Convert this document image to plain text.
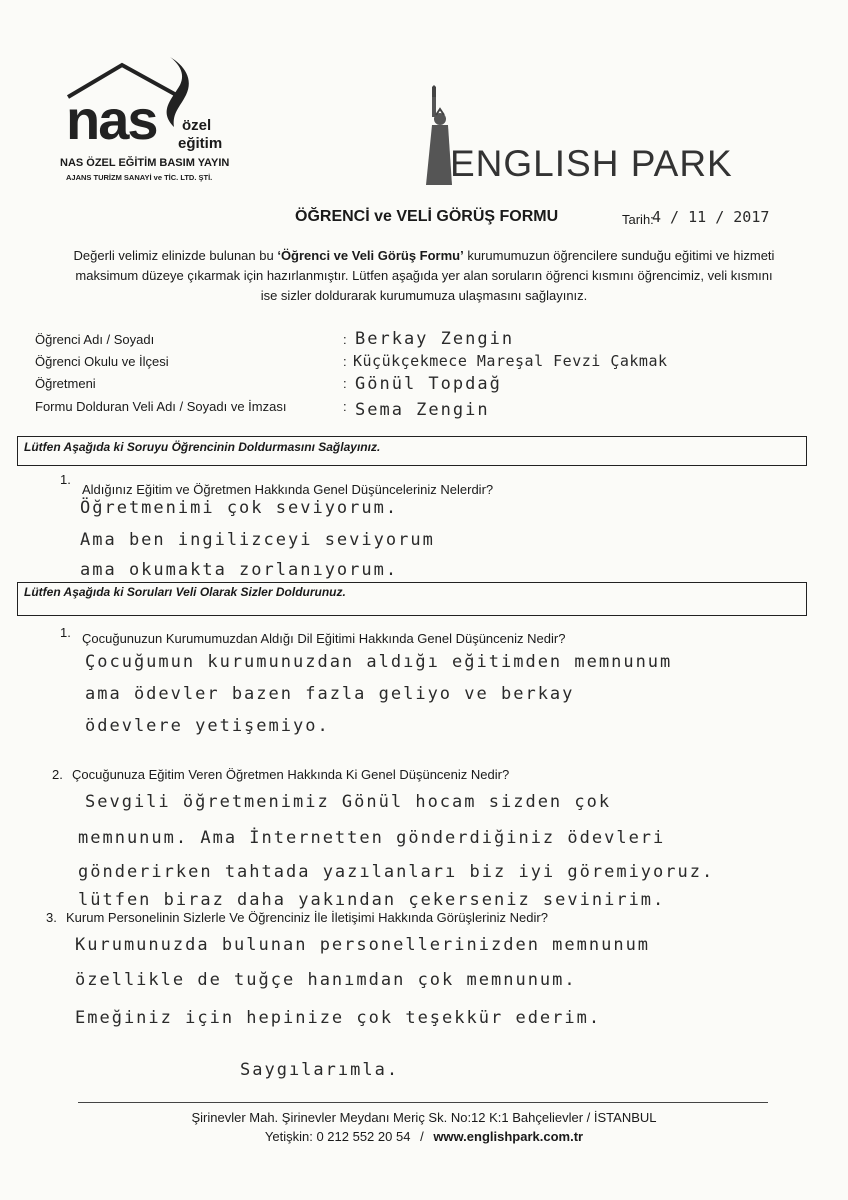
nas özel
eğitim
NAS ÖZEL EĞİTİM BASIM YAYIN
AJANS TURİZM SANAYİ ve TİC. LTD. ŞTİ.	ENGLISH PARK
ÖĞRENCİ ve VELİ GÖRÜŞ FORMU	Tarih:
4 / 11 / 2017
Değerli velimiz elinizde bulunan bu ‘Öğrenci ve Veli Görüş Formu’ kurumumuzun öğrencilere sunduğu eğitimi ve hizmeti
maksimum düzeye çıkarmak için hazırlanmıştır. Lütfen aşağıda yer alan soruların öğrenci kısmını öğrencimiz, veli kısmını
ise sizler doldurarak kurumumuza ulaşmasını sağlayınız.
Öğrenci Adı / Soyadı
Öğrenci Okulu ve İlçesi
Öğretmeni
Formu Dolduran Veli Adı / Soyadı ve İmzası
:
:
:
:
Berkay Zengin
Küçükçekmece Mareşal Fevzi Çakmak
Gönül Topdağ
Sema Zengin
Lütfen Aşağıda ki Soruyu Öğrencinin Doldurmasını Sağlayınız.
1.
Aldığınız Eğitim ve Öğretmen Hakkında Genel Düşünceleriniz Nelerdir?
Öğretmenimi çok seviyorum.
Ama ben ingilizceyi seviyorum
ama okumakta zorlanıyorum.
Lütfen Aşağıda ki Soruları Veli Olarak Sizler Doldurunuz.
1. Çocuğunuzun Kurumumuzdan Aldığı Dil Eğitimi Hakkında Genel Düşünceniz Nedir?
Çocuğumun kurumunuzdan aldığı eğitimden memnunum
ama ödevler bazen fazla geliyo ve berkay
ödevlere yetişemiyo.
2. Çocuğunuza Eğitim Veren Öğretmen Hakkında Ki Genel Düşünceniz Nedir?
Sevgili öğretmenimiz Gönül hocam sizden çok
memnunum. Ama İnternetten gönderdiğiniz ödevleri
gönderirken tahtada yazılanları biz iyi göremiyoruz.
lütfen biraz daha yakından çekerseniz sevinirim.
3. Kurum Personelinin Sizlerle Ve Öğrenciniz İle İletişimi Hakkında Görüşleriniz Nedir?
Kurumunuzda bulunan personellerinizden memnunum
özellikle de tuğçe hanımdan çok memnunum.
Emeğiniz için hepinize çok teşekkür ederim.
Saygılarımla.
Şirinevler Mah. Şirinevler Meydanı Meriç Sk. No:12 K:1 Bahçelievler / İSTANBUL
Yetişkin: 0 212 552 20 54 / www.englishpark.com.tr
